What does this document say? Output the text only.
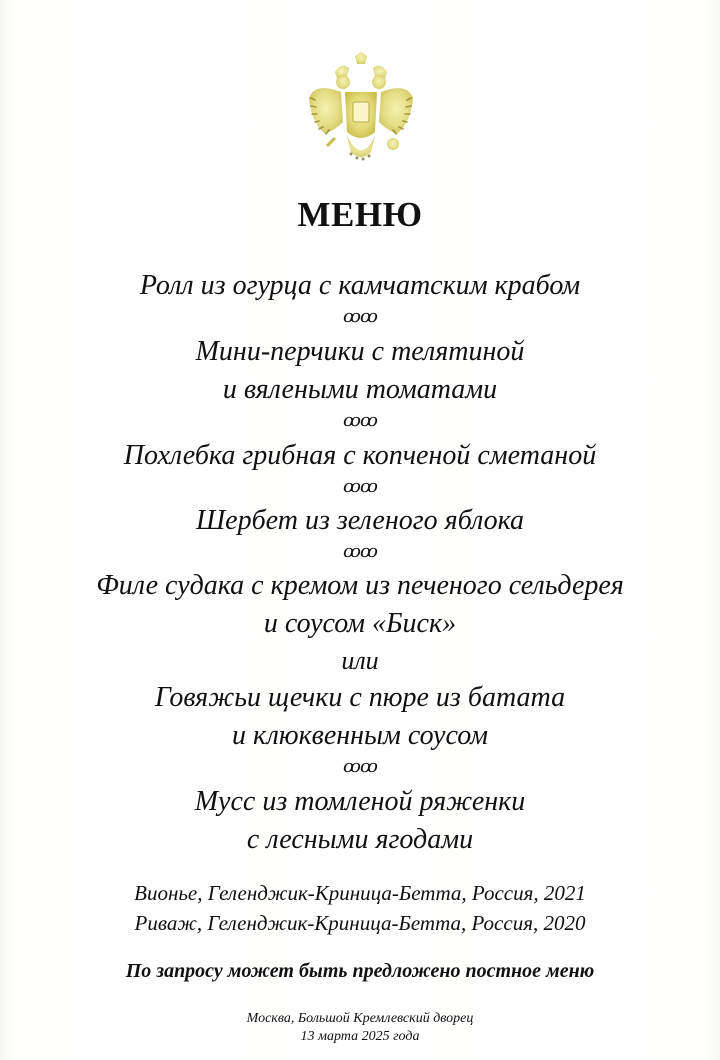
МЕНЮ
Ролл из огурца с камчатским крабом
ꝏꝏ
Мини-перчики с телятиной
и вялеными томатами
ꝏꝏ
Похлебка грибная с копченой сметаной
ꝏꝏ
Шербет из зеленого яблока
ꝏꝏ
Филе судака с кремом из печеного сельдерея
и соусом «Биск»
или
Говяжьи щечки с пюре из батата
и клюквенным соусом
ꝏꝏ
Мусс из томленой ряженки
с лесными ягодами
Вионье, Геленджик-Криница-Бетта, Россия, 2021
Риваж, Геленджик-Криница-Бетта, Россия, 2020
По запросу может быть предложено постное меню
Москва, Большой Кремлевский дворец
13 марта 2025 года
